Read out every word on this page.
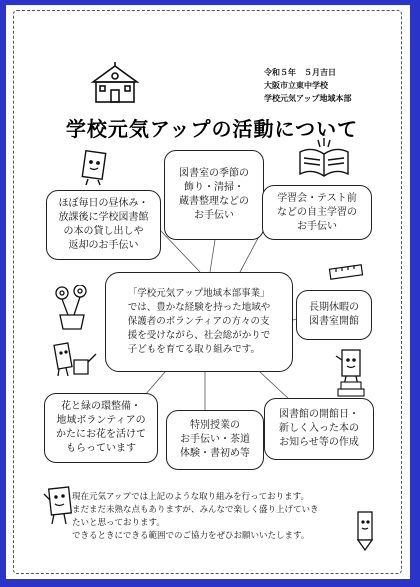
令和５年　５月吉日
大阪市立東中学校
学校元気アップ地域本部
学校元気アップの活動について
図書室の季節の
飾り・清掃・
蔵書整理などの
お手伝い
学習会・テスト前
などの自主学習の
お手伝い
ほぼ毎日の昼休み・
放課後に学校図書館
の本の貸し出しや
返却のお手伝い
「学校元気アップ地域本部事業」
では、豊かな経験を持った地域や
保護者のボランティアの方々の支
援を受けながら、社会総がかりで
子どもを育てる取り組みです。
長期休暇の
図書室開館
花と緑の環整備・
地域ボランティアの
かたにお花を活けて
もらっています
特別授業の
お手伝い・茶道
体験・書初め等
図書館の開館日・
新しく入った本の
お知らせ等の作成
現在元気アップでは上記のような取り組みを行っております。
まだまだ未熟な点もありますが、みんなで楽しく盛り上げていき
たいと思っております。
できるときにできる範囲でのご協力をぜひお願いいたします。
